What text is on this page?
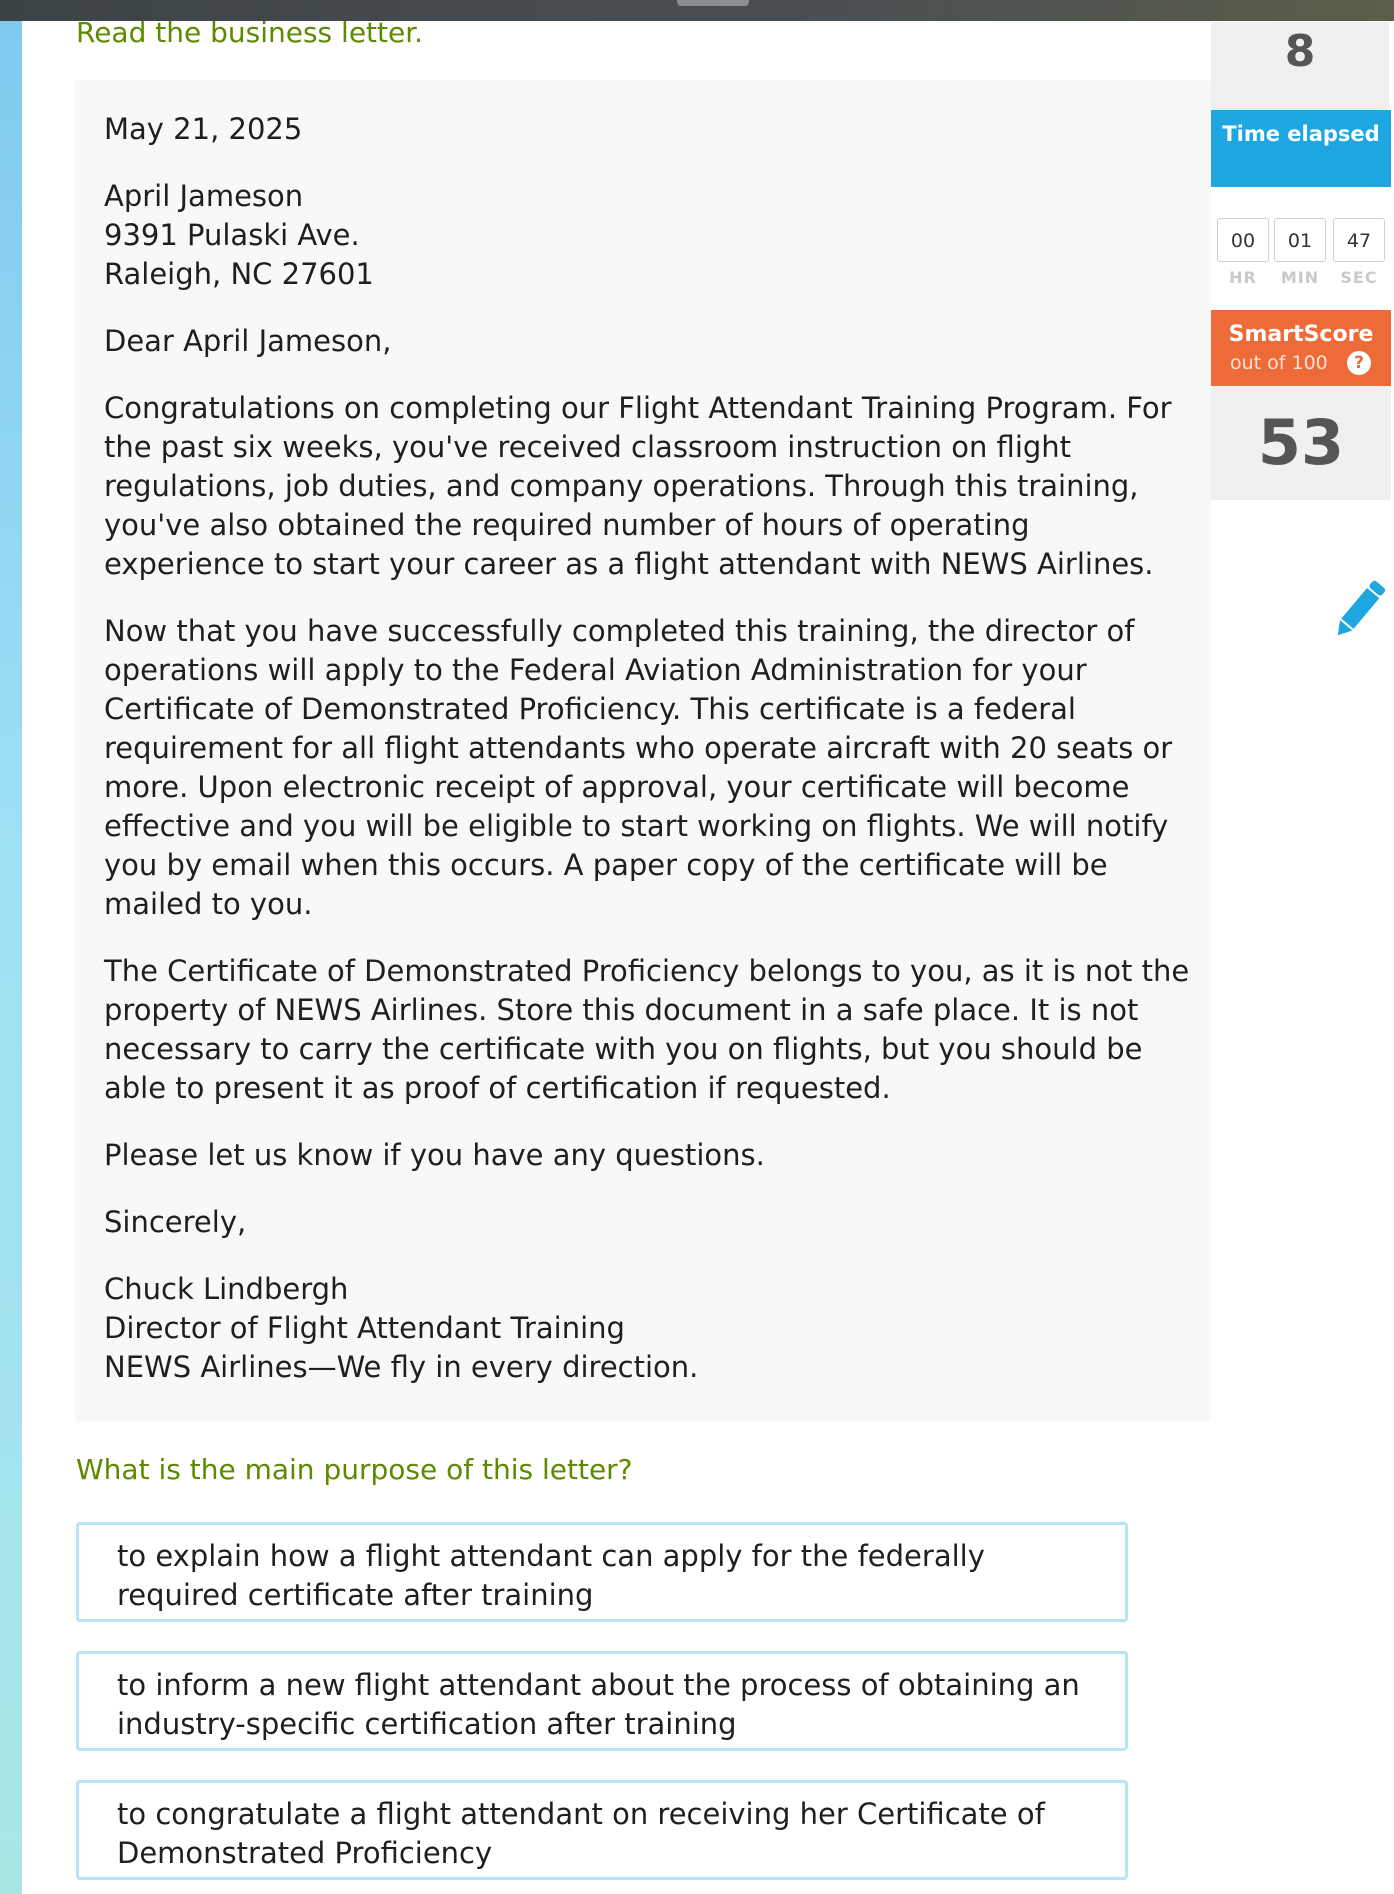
Read the business letter.

May 21, 2025

April Jameson
9391 Pulaski Ave.
Raleigh, NC 27601

Dear April Jameson,

Congratulations on completing our Flight Attendant Training Program. For the past six weeks, you've received classroom instruction on flight regulations, job duties, and company operations. Through this training, you've also obtained the required number of hours of operating experience to start your career as a flight attendant with NEWS Airlines.

Now that you have successfully completed this training, the director of operations will apply to the Federal Aviation Administration for your Certificate of Demonstrated Proficiency. This certificate is a federal requirement for all flight attendants who operate aircraft with 20 seats or more. Upon electronic receipt of approval, your certificate will become effective and you will be eligible to start working on flights. We will notify you by email when this occurs. A paper copy of the certificate will be mailed to you.

The Certificate of Demonstrated Proficiency belongs to you, as it is not the property of NEWS Airlines. Store this document in a safe place. It is not necessary to carry the certificate with you on flights, but you should be able to present it as proof of certification if requested.

Please let us know if you have any questions.

Sincerely,

Chuck Lindbergh
Director of Flight Attendant Training
NEWS Airlines—We fly in every direction.

What is the main purpose of this letter?
to explain how a flight attendant can apply for the federally required certificate after training
to inform a new flight attendant about the process of obtaining an industry-specific certification after training
to congratulate a flight attendant on receiving her Certificate of Demonstrated Proficiency
8
Time elapsed
00	01	47
HR	MIN	SEC
SmartScore
out of 100	?
53
